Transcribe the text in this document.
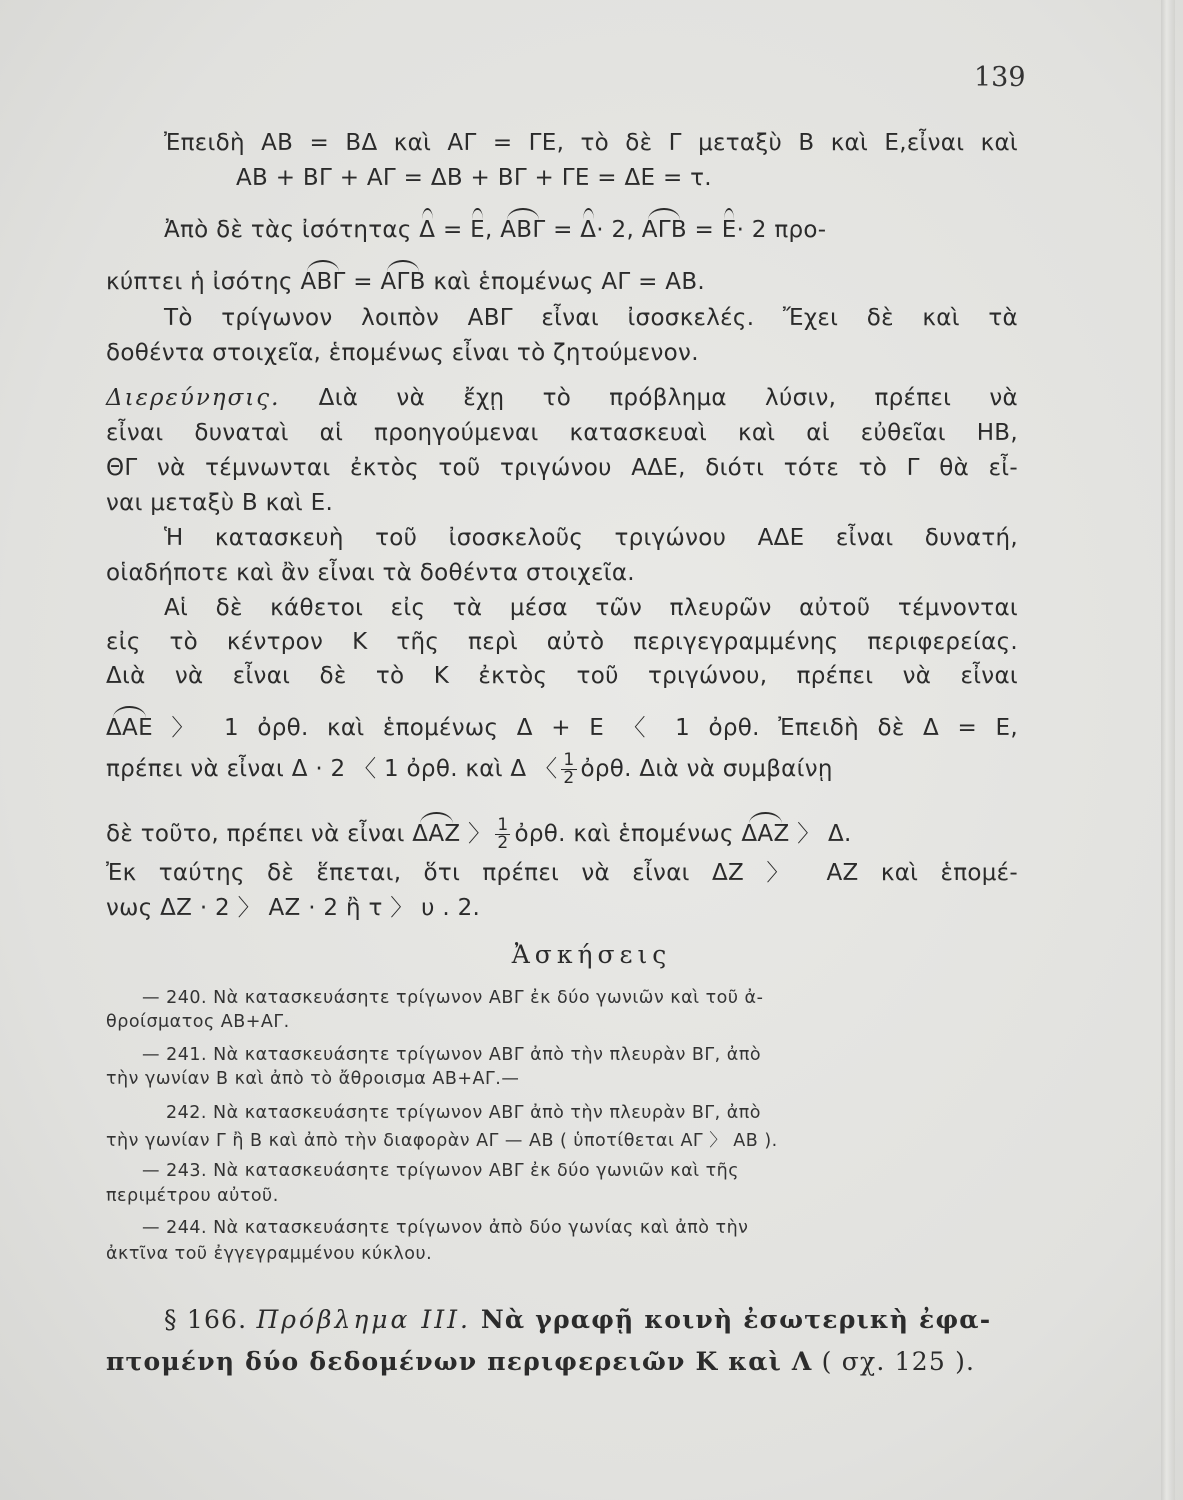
139
Ἐπειδὴ ΑΒ = ΒΔ καὶ ΑΓ = ΓΕ, τὸ δὲ Γ μεταξὺ Β καὶ Ε,εἶναι καὶ
ΑΒ + ΒΓ + ΑΓ = ΔΒ + ΒΓ + ΓΕ = ΔΕ = τ.
Ἀπὸ δὲ τὰς ἰσότητας Δ = Ε, ΑΒΓ = Δ· 2, ΑΓΒ = Ε· 2 προ-
κύπτει ἡ ἰσότης ΑΒΓ = ΑΓΒ καὶ ἑπομένως ΑΓ = ΑΒ.
Τὸ τρίγωνον λοιπὸν ΑΒΓ εἶναι ἰσοσκελές. Ἔχει δὲ καὶ τὰ
δοθέντα στοιχεῖα, ἑπομένως εἶναι τὸ ζητούμενον.
Διερεύνησις. Διὰ νὰ ἔχῃ τὸ πρόβλημα λύσιν, πρέπει νὰ
εἶναι δυναταὶ αἱ προηγούμεναι κατασκευαὶ καὶ αἱ εὐθεῖαι ΗΒ,
ΘΓ νὰ τέμνωνται ἐκτὸς τοῦ τριγώνου ΑΔΕ, διότι τότε τὸ Γ θὰ εἶ-
ναι μεταξὺ Β καὶ Ε.
Ἡ κατασκευὴ τοῦ ἰσοσκελοῦς τριγώνου ΑΔΕ εἶναι δυνατή,
οἱαδήποτε καὶ ἂν εἶναι τὰ δοθέντα στοιχεῖα.
Αἱ δὲ κάθετοι εἰς τὰ μέσα τῶν πλευρῶν αὐτοῦ τέμνονται
εἰς τὸ κέντρον Κ τῆς περὶ αὐτὸ περιγεγραμμένης περιφερείας.
Διὰ νὰ εἶναι δὲ τὸ Κ ἐκτὸς τοῦ τριγώνου, πρέπει νὰ εἶναι
ΔΑΕ 〉 1 ὀρθ. καὶ ἑπομένως Δ + Ε 〈 1 ὀρθ. Ἐπειδὴ δὲ Δ = Ε,
πρέπει νὰ εἶναι Δ · 2 〈 1 ὀρθ. καὶ Δ 〈 $\frac{1}{2}$ ὀρθ. Διὰ νὰ συμβαίνῃ
δὲ τοῦτο, πρέπει νὰ εἶναι ΔΑΖ 〉 $\frac{1}{2}$ ὀρθ. καὶ ἑπομένως ΔΑΖ 〉 Δ.
Ἐκ ταύτης δὲ ἕπεται, ὅτι πρέπει νὰ εἶναι ΔΖ 〉 ΑΖ καὶ ἑπομέ-
νως ΔΖ · 2 〉 ΑΖ · 2 ἢ τ 〉 υ . 2.
Ἀσκήσεις
— 240. Νὰ κατασκευάσητε τρίγωνον ΑΒΓ ἐκ δύο γωνιῶν καὶ τοῦ ἀ-
θροίσματος ΑΒ+ΑΓ.
— 241. Νὰ κατασκευάσητε τρίγωνον ΑΒΓ ἀπὸ τὴν πλευρὰν ΒΓ, ἀπὸ
τὴν γωνίαν Β καὶ ἀπὸ τὸ ἄθροισμα ΑΒ+ΑΓ.—
242. Νὰ κατασκευάσητε τρίγωνον ΑΒΓ ἀπὸ τὴν πλευρὰν ΒΓ, ἀπὸ
τὴν γωνίαν Γ ἢ Β καὶ ἀπὸ τὴν διαφορὰν ΑΓ — ΑΒ ( ὑποτίθεται ΑΓ 〉 ΑΒ ).
— 243. Νὰ κατασκευάσητε τρίγωνον ΑΒΓ ἐκ δύο γωνιῶν καὶ τῆς
περιμέτρου αὐτοῦ.
— 244. Νὰ κατασκευάσητε τρίγωνον ἀπὸ δύο γωνίας καὶ ἀπὸ τὴν
ἀκτῖνα τοῦ ἐγγεγραμμένου κύκλου.
§ 166. Πρόβλημα ΙΙΙ. Νὰ γραφῇ κοινὴ ἐσωτερικὴ ἐφα-
πτομένη δύο δεδομένων περιφερειῶν Κ καὶ Λ ( σχ. 125 ).
